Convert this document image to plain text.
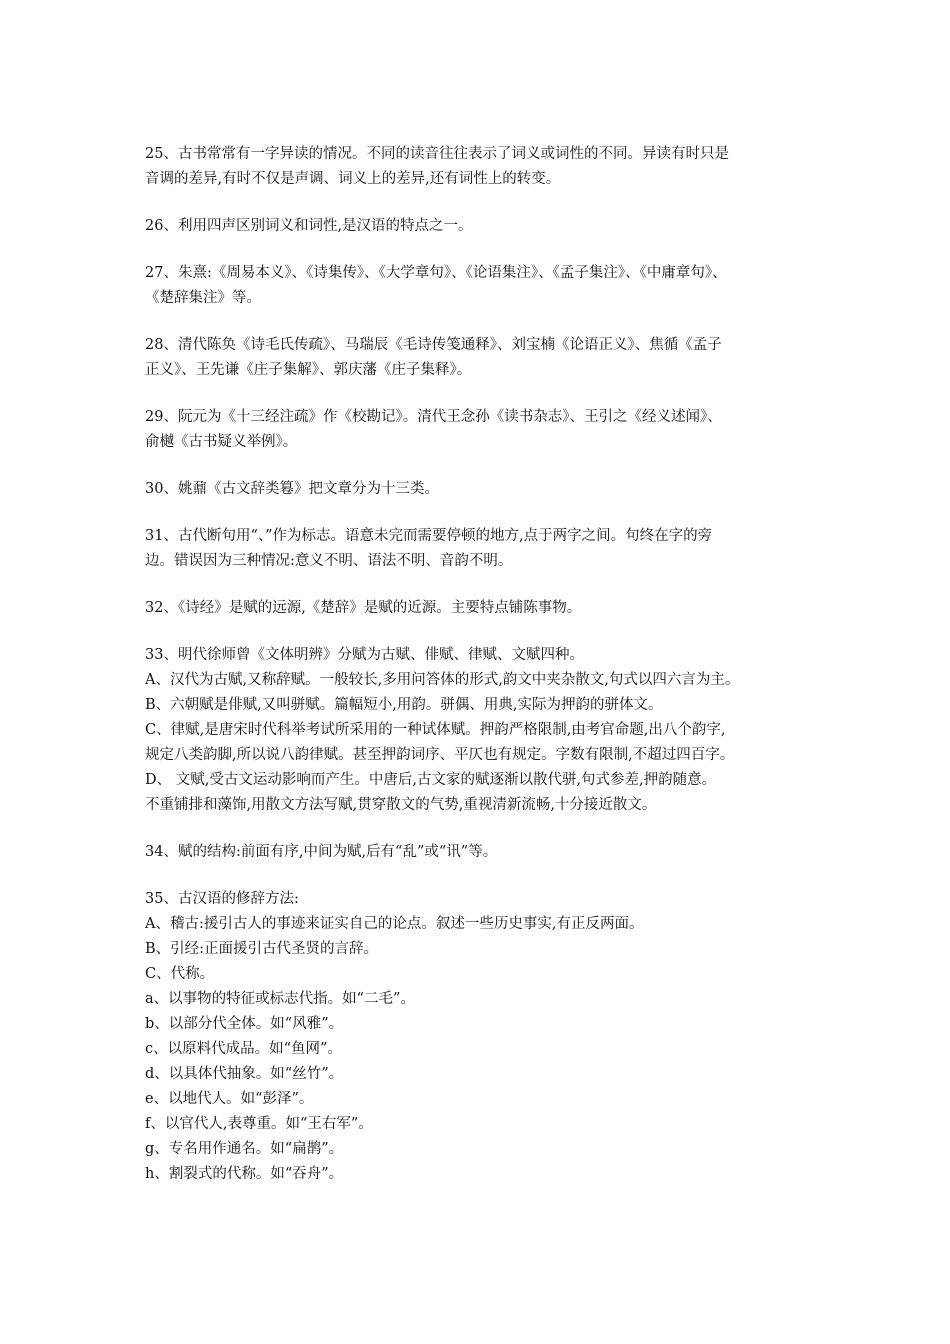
25、古书常常有一字异读的情况。不同的读音往往表示了词义或词性的不同。异读有时只是
音调的差异,有时不仅是声调、词义上的差异,还有词性上的转变。
26、利用四声区别词义和词性,是汉语的特点之一。
27、朱熹:《周易本义》、《诗集传》、《大学章句》、《论语集注》、《孟子集注》、《中庸章句》、
《楚辞集注》等。
28、清代陈奂《诗毛氏传疏》、马瑞辰《毛诗传笺通释》、刘宝楠《论语正义》、焦循《孟子
正义》、王先谦《庄子集解》、郭庆藩《庄子集释》。
29、阮元为《十三经注疏》作《校勘记》。清代王念孙《读书杂志》、王引之《经义述闻》、
俞樾《古书疑义举例》。
30、姚鼐《古文辞类篹》把文章分为十三类。
31、古代断句用“、”作为标志。语意未完而需要停顿的地方,点于两字之间。句终在字的旁
边。错误因为三种情况:意义不明、语法不明、音韵不明。
32、《诗经》是赋的远源,《楚辞》是赋的近源。主要特点铺陈事物。
33、明代徐师曾《文体明辨》分赋为古赋、俳赋、律赋、文赋四种。
A、汉代为古赋,又称辞赋。一般较长,多用问答体的形式,韵文中夹杂散文,句式以四六言为主。
B、六朝赋是俳赋,又叫骈赋。篇幅短小,用韵。骈偶、用典,实际为押韵的骈体文。
C、律赋,是唐宋时代科举考试所采用的一种试体赋。押韵严格限制,由考官命题,出八个韵字,
规定八类韵脚,所以说八韵律赋。甚至押韵词序、平仄也有规定。字数有限制,不超过四百字。
D、 文赋,受古文运动影响而产生。中唐后,古文家的赋逐渐以散代骈,句式参差,押韵随意。
不重铺排和藻饰,用散文方法写赋,贯穿散文的气势,重视清新流畅,十分接近散文。
34、赋的结构:前面有序,中间为赋,后有“乱”或“讯”等。
35、古汉语的修辞方法:
A、稽古:援引古人的事迹来证实自己的论点。叙述一些历史事实,有正反两面。
B、引经:正面援引古代圣贤的言辞。
C、代称。
a、以事物的特征或标志代指。如“二毛”。
b、以部分代全体。如“风雅”。
c、以原料代成品。如“鱼网”。
d、以具体代抽象。如“丝竹”。
e、以地代人。如“彭泽”。
f、以官代人,表尊重。如“王右军”。
g、专名用作通名。如“扁鹊”。
h、割裂式的代称。如“吞舟”。
